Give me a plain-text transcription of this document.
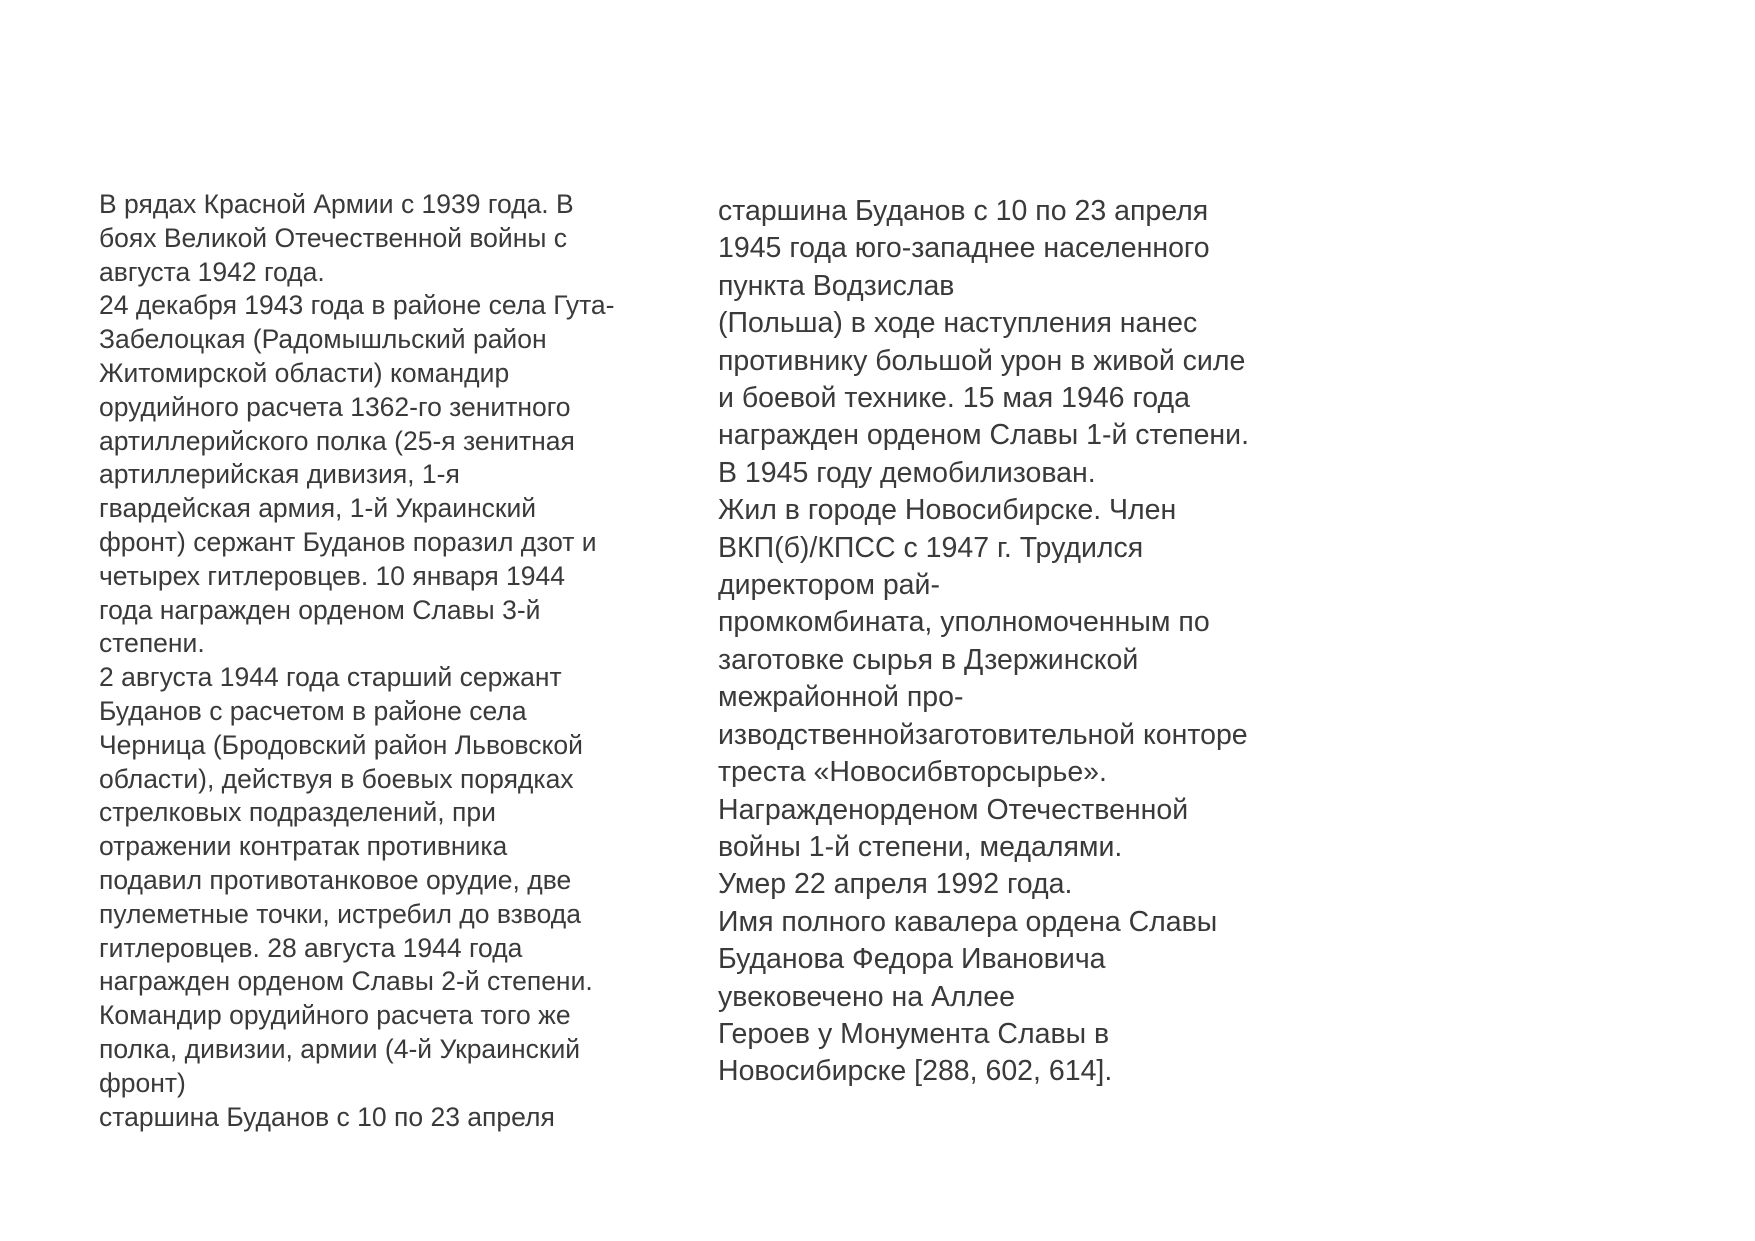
В рядах Красной Армии с 1939 года. В
боях Великой Отечественной войны с
августа 1942 года.
24 декабря 1943 года в районе села Гута-
Забелоцкая (Радомышльский район
Житомирской области) командир
орудийного расчета 1362-го зенитного
артиллерийского полка (25-я зенитная
артиллерийская дивизия, 1-я
гвардейская армия, 1-й Украинский
фронт) сержант Буданов поразил дзот и
четырех гитлеровцев. 10 января 1944
года награжден орденом Славы 3-й
степени.
2 августа 1944 года старший сержант
Буданов с расчетом в районе села
Черница (Бродовский район Львовской
области), действуя в боевых порядках
стрелковых подразделений, при
отражении контратак противника
подавил противотанковое орудие, две
пулеметные точки, истребил до взвода
гитлеровцев. 28 августа 1944 года
награжден орденом Славы 2-й степени.
Командир орудийного расчета того же
полка, дивизии, армии (4-й Украинский
фронт)
старшина Буданов с 10 по 23 апреля
старшина Буданов с 10 по 23 апреля
1945 года юго-западнее населенного
пункта Водзислав
(Польша) в ходе наступления нанес
противнику большой урон в живой силе
и боевой технике. 15 мая 1946 года
награжден орденом Славы 1-й степени.
В 1945 году демобилизован.
Жил в городе Новосибирске. Член
ВКП(б)/КПСС с 1947 г. Трудился
директором рай-
промкомбината, уполномоченным по
заготовке сырья в Дзержинской
межрайонной про-
изводственнойзаготовительной конторе
треста «Новосибвторсырье».
Награжденорденом Отечественной
войны 1-й степени, медалями.
Умер 22 апреля 1992 года.
Имя полного кавалера ордена Славы
Буданова Федора Ивановича
увековечено на Аллее
Героев у Монумента Славы в
Новосибирске [288, 602, 614].
